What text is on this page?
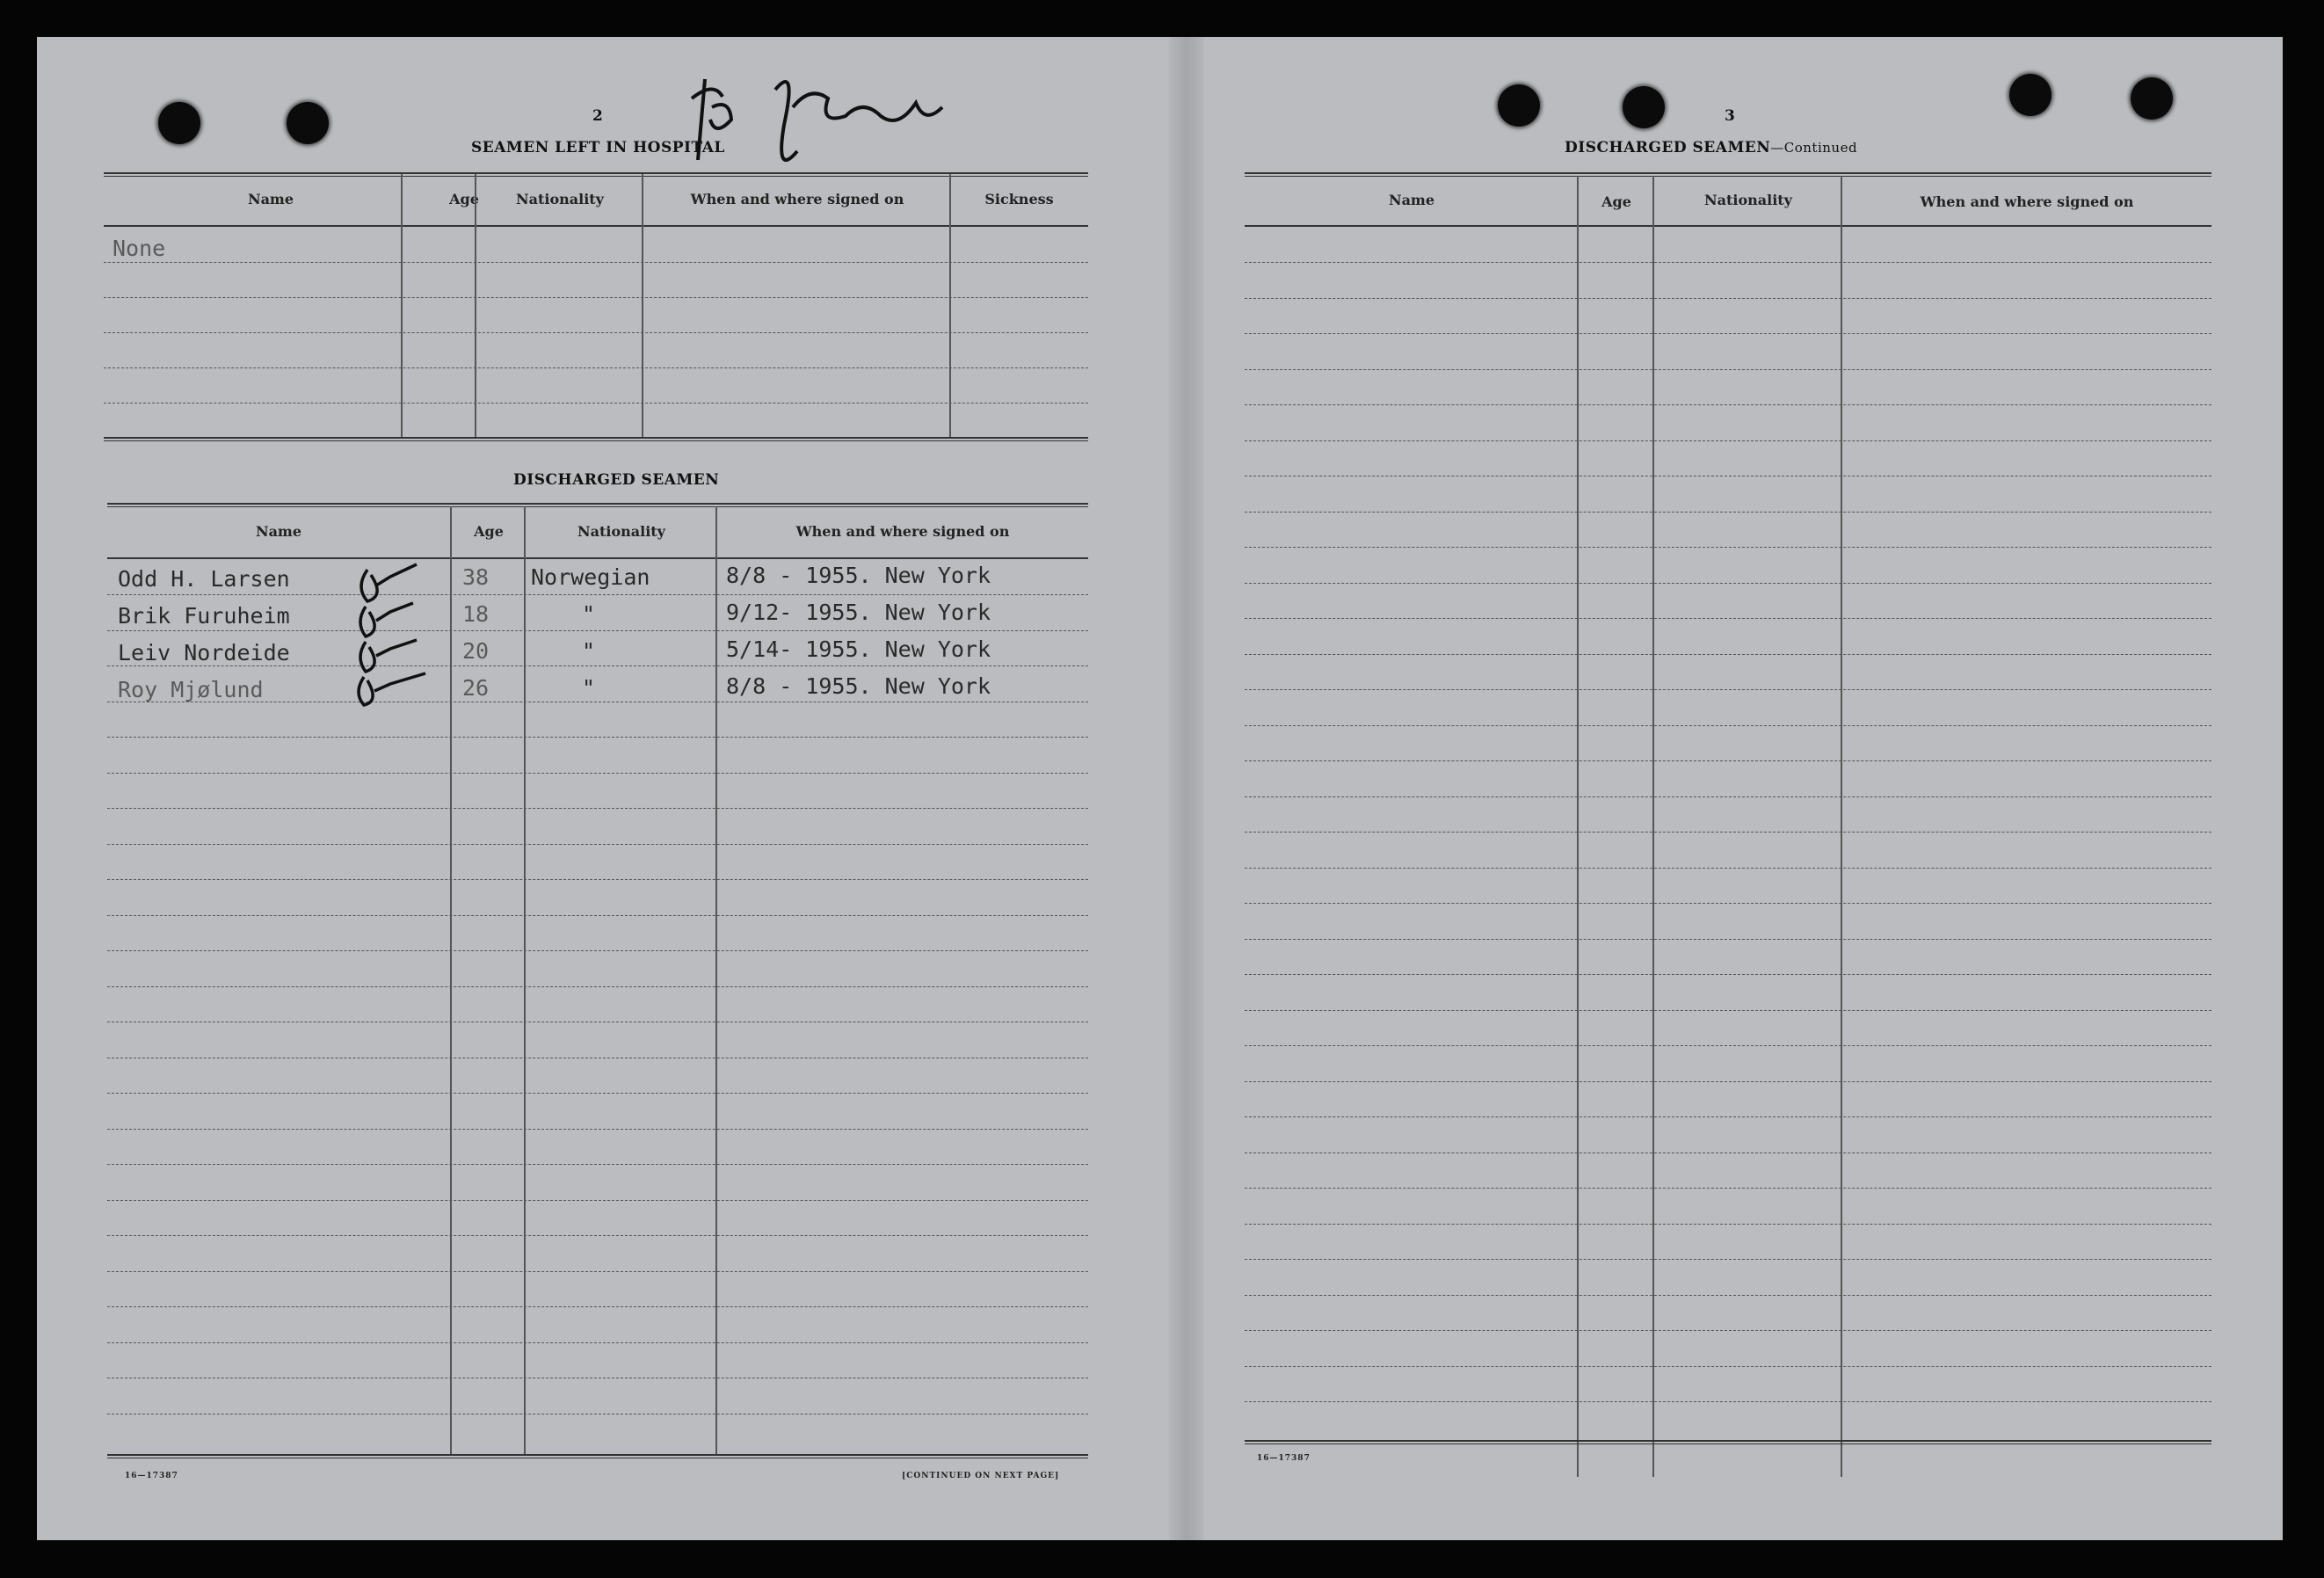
2
SEAMEN LEFT IN HOSPITAL
Name	Age	Nationality	When and where signed on	Sickness
None
DISCHARGED SEAMEN
Name	Age	Nationality	When and where signed on
Odd H. Larsen	38 Norwegian	8/8 - 1955. New York
Brik Furuheim	18	"	9/12- 1955. New York
Leiv Nordeide	20	"	5/14- 1955. New York
Roy Mjølund	26	"	8/8 - 1955. New York
16—17387	[CONTINUED ON NEXT PAGE]
3
DISCHARGED SEAMEN—Continued
Name	Age	Nationality	When and where signed on
16—17387
